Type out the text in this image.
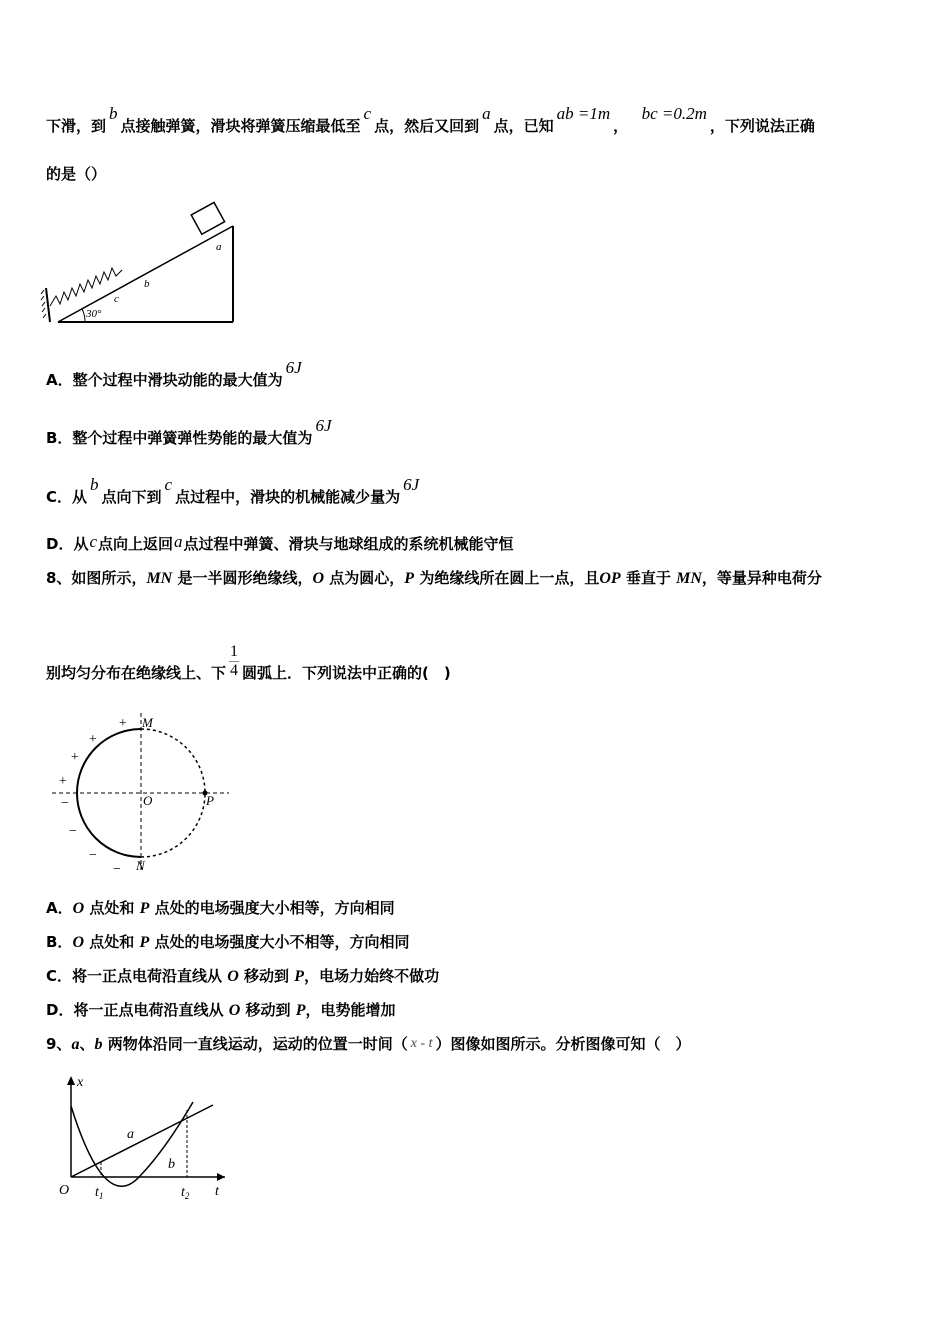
下滑，到b点接触弹簧，滑块将弹簧压缩最低至c点，然后又回到a点，已知ab =1m，  bc =0.2m，下列说法正确
的是（）
30°
c
b
a
A．整个过程中滑块动能的最大值为6J
B．整个过程中弹簧弹性势能的最大值为6J
C．从b点向下到c点过程中，滑块的机械能减少量为6J
D．从c点向上返回a点过程中弹簧、滑块与地球组成的系统机械能守恒
8、如图所示，MN 是一半圆形绝缘线，O 点为圆心，P 为绝缘线所在圆上一点，且OP 垂直于 MN，等量异种电荷分
别均匀分布在绝缘线上、下 $\frac{1}{4}$ 圆弧上．下列说法中正确的(　)
M
N
O	P
+
+
+
+
−
−
−
−
A．O 点处和 P 点处的电场强度大小相等，方向相同
B．O 点处和 P 点处的电场强度大小不相等，方向相同
C．将一正点电荷沿直线从 O 移动到 P，电场力始终不做功
D．将一正点电荷沿直线从 O 移动到 P，电势能增加
9、a、b 两物体沿同一直线运动，运动的位置一时间（ x - t ）图像如图所示。分析图像可知（　）
x
t
O
a
b
$t_1$	$t_2$
